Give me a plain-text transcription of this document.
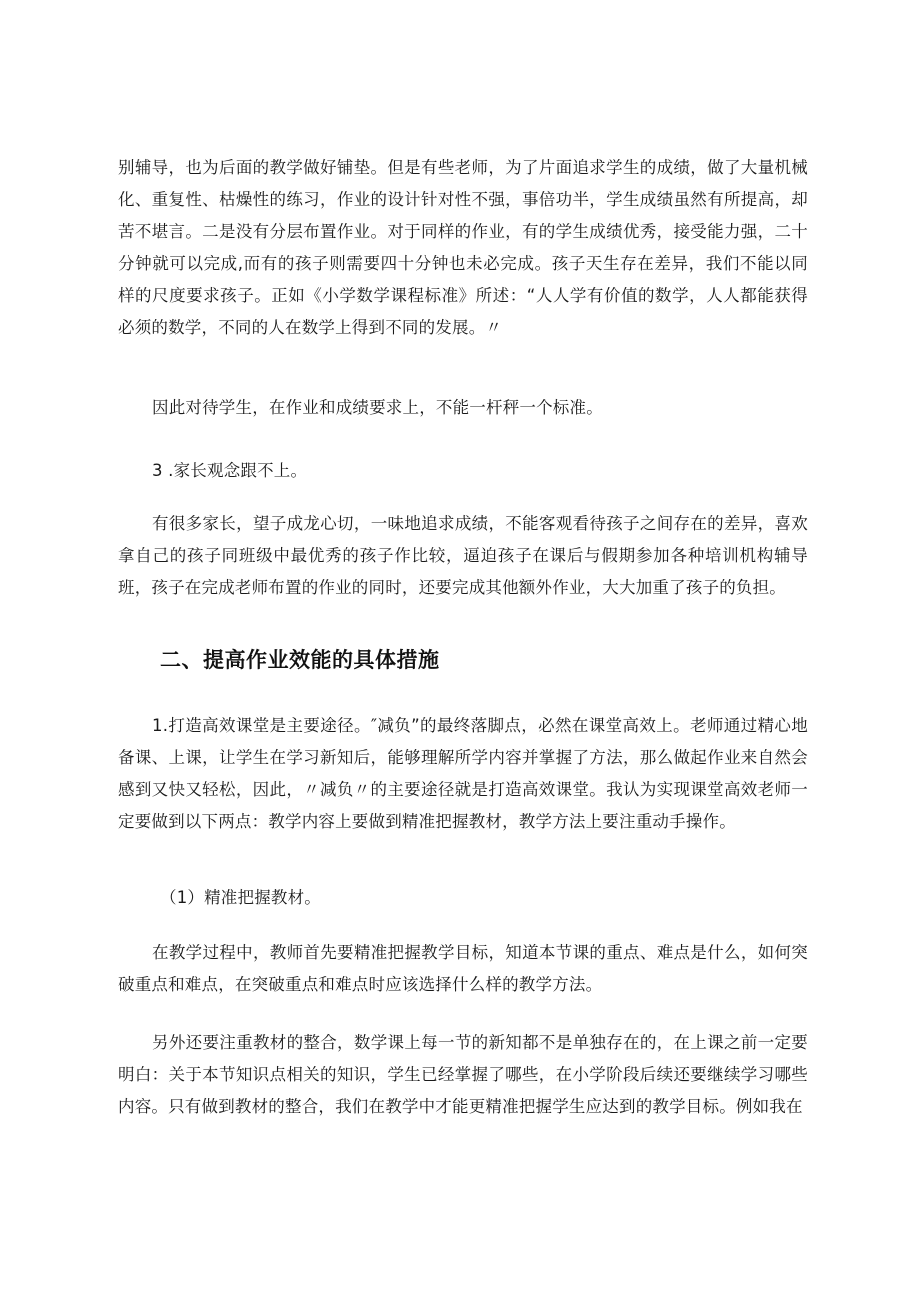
别辅导，也为后面的教学做好铺垫。但是有些老师，为了片面追求学生的成绩，做了大量机械化、重复性、枯燥性的练习，作业的设计针对性不强，事倍功半，学生成绩虽然有所提高，却苦不堪言。二是没有分层布置作业。对于同样的作业，有的学生成绩优秀，接受能力强，二十分钟就可以完成,而有的孩子则需要四十分钟也未必完成。孩子天生存在差异，我们不能以同样的尺度要求孩子。正如《小学数学课程标准》所述：“人人学有价值的数学，人人都能获得必须的数学，不同的人在数学上得到不同的发展。〃

因此对待学生，在作业和成绩要求上，不能一杆秤一个标准。

3 .家长观念跟不上。

有很多家长，望子成龙心切，一味地追求成绩，不能客观看待孩子之间存在的差异，喜欢拿自己的孩子同班级中最优秀的孩子作比较，逼迫孩子在课后与假期参加各种培训机构辅导班，孩子在完成老师布置的作业的同时，还要完成其他额外作业，大大加重了孩子的负担。

二、提高作业效能的具体措施

1.打造高效课堂是主要途径。″减负”的最终落脚点，必然在课堂高效上。老师通过精心地备课、上课，让学生在学习新知后，能够理解所学内容并掌握了方法，那么做起作业来自然会感到又快又轻松，因此，〃减负〃的主要途径就是打造高效课堂。我认为实现课堂高效老师一定要做到以下两点：教学内容上要做到精准把握教材，教学方法上要注重动手操作。

（1）精准把握教材。

在教学过程中，教师首先要精准把握教学目标，知道本节课的重点、难点是什么，如何突破重点和难点，在突破重点和难点时应该选择什么样的教学方法。

另外还要注重教材的整合，数学课上每一节的新知都不是单独存在的，在上课之前一定要明白：关于本节知识点相关的知识，学生已经掌握了哪些，在小学阶段后续还要继续学习哪些内容。只有做到教材的整合，我们在教学中才能更精准把握学生应达到的教学目标。例如我在
